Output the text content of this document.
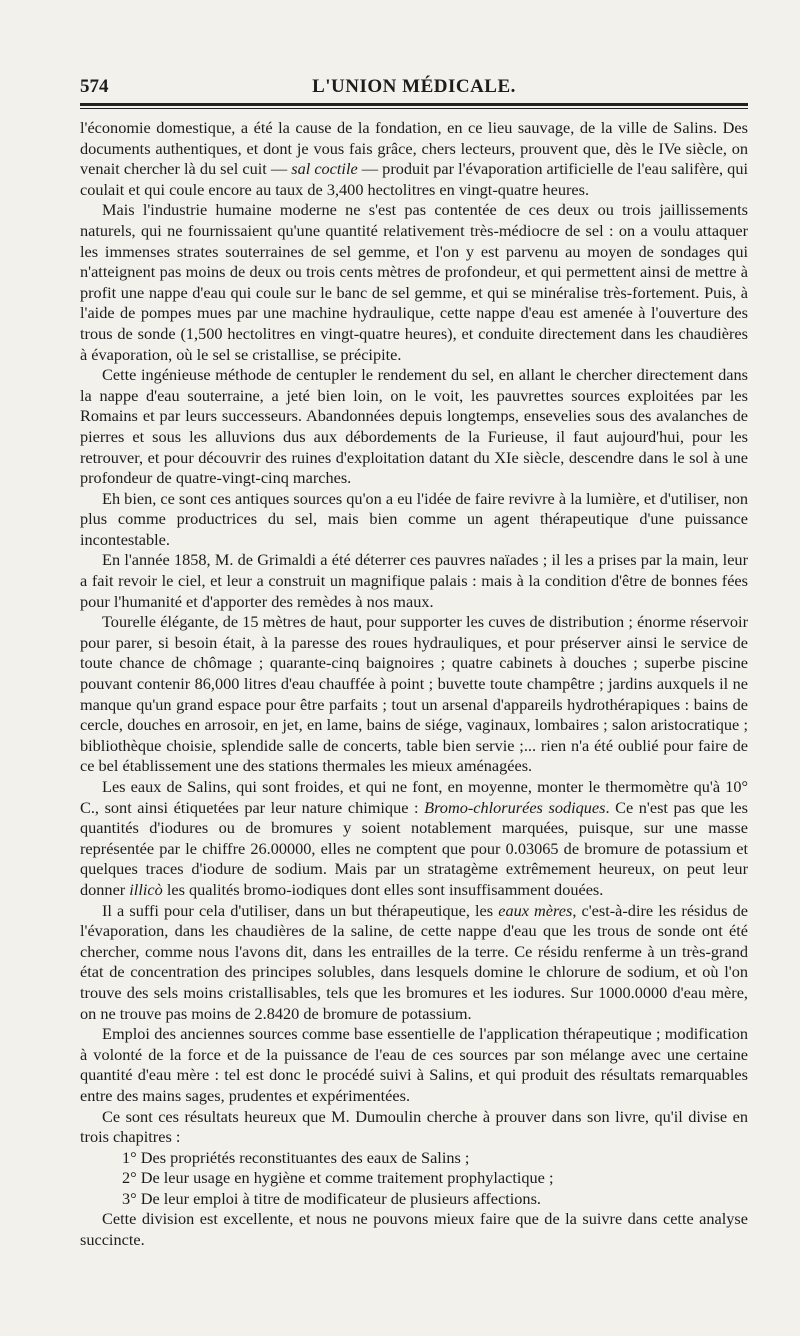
574	L'UNION MÉDICALE.

l'économie domestique, a été la cause de la fondation, en ce lieu sauvage, de la ville de Salins. Des documents authentiques, et dont je vous fais grâce, chers lecteurs, prouvent que, dès le IVe siècle, on venait chercher là du sel cuit — sal coctile — produit par l'évaporation artificielle de l'eau salifère, qui coulait et qui coule encore au taux de 3,400 hectolitres en vingt-quatre heures.

Mais l'industrie humaine moderne ne s'est pas contentée de ces deux ou trois jaillissements naturels, qui ne fournissaient qu'une quantité relativement très-médiocre de sel : on a voulu attaquer les immenses strates souterraines de sel gemme, et l'on y est parvenu au moyen de sondages qui n'atteignent pas moins de deux ou trois cents mètres de profondeur, et qui permettent ainsi de mettre à profit une nappe d'eau qui coule sur le banc de sel gemme, et qui se minéralise très-fortement. Puis, à l'aide de pompes mues par une machine hydraulique, cette nappe d'eau est amenée à l'ouverture des trous de sonde (1,500 hectolitres en vingt-quatre heures), et conduite directement dans les chaudières à évaporation, où le sel se cristallise, se précipite.

Cette ingénieuse méthode de centupler le rendement du sel, en allant le chercher directement dans la nappe d'eau souterraine, a jeté bien loin, on le voit, les pauvrettes sources exploitées par les Romains et par leurs successeurs. Abandonnées depuis longtemps, ensevelies sous des avalanches de pierres et sous les alluvions dus aux débordements de la Furieuse, il faut aujourd'hui, pour les retrouver, et pour découvrir des ruines d'exploitation datant du XIe siècle, descendre dans le sol à une profondeur de quatre-vingt-cinq marches.

Eh bien, ce sont ces antiques sources qu'on a eu l'idée de faire revivre à la lumière, et d'utiliser, non plus comme productrices du sel, mais bien comme un agent thérapeutique d'une puissance incontestable.

En l'année 1858, M. de Grimaldi a été déterrer ces pauvres naïades ; il les a prises par la main, leur a fait revoir le ciel, et leur a construit un magnifique palais : mais à la condition d'être de bonnes fées pour l'humanité et d'apporter des remèdes à nos maux.

Tourelle élégante, de 15 mètres de haut, pour supporter les cuves de distribution ; énorme réservoir pour parer, si besoin était, à la paresse des roues hydrauliques, et pour préserver ainsi le service de toute chance de chômage ; quarante-cinq baignoires ; quatre cabinets à douches ; superbe piscine pouvant contenir 86,000 litres d'eau chauffée à point ; buvette toute champêtre ; jardins auxquels il ne manque qu'un grand espace pour être parfaits ; tout un arsenal d'appareils hydrothérapiques : bains de cercle, douches en arrosoir, en jet, en lame, bains de siége, vaginaux, lombaires ; salon aristocratique ; bibliothèque choisie, splendide salle de concerts, table bien servie ;... rien n'a été oublié pour faire de ce bel établissement une des stations thermales les mieux aménagées.

Les eaux de Salins, qui sont froides, et qui ne font, en moyenne, monter le thermomètre qu'à 10° C., sont ainsi étiquetées par leur nature chimique : Bromo-chlorurées sodiques. Ce n'est pas que les quantités d'iodures ou de bromures y soient notablement marquées, puisque, sur une masse représentée par le chiffre 26.00000, elles ne comptent que pour 0.03065 de bromure de potassium et quelques traces d'iodure de sodium. Mais par un stratagème extrêmement heureux, on peut leur donner illicò les qualités bromo-iodiques dont elles sont insuffisamment douées.

Il a suffi pour cela d'utiliser, dans un but thérapeutique, les eaux mères, c'est-à-dire les résidus de l'évaporation, dans les chaudières de la saline, de cette nappe d'eau que les trous de sonde ont été chercher, comme nous l'avons dit, dans les entrailles de la terre. Ce résidu renferme à un très-grand état de concentration des principes solubles, dans lesquels domine le chlorure de sodium, et où l'on trouve des sels moins cristallisables, tels que les bromures et les iodures. Sur 1000.0000 d'eau mère, on ne trouve pas moins de 2.8420 de bromure de potassium.

Emploi des anciennes sources comme base essentielle de l'application thérapeutique ; modification à volonté de la force et de la puissance de l'eau de ces sources par son mélange avec une certaine quantité d'eau mère : tel est donc le procédé suivi à Salins, et qui produit des résultats remarquables entre des mains sages, prudentes et expérimentées.

Ce sont ces résultats heureux que M. Dumoulin cherche à prouver dans son livre, qu'il divise en trois chapitres :

1° Des propriétés reconstituantes des eaux de Salins ;
2° De leur usage en hygiène et comme traitement prophylactique ;
3° De leur emploi à titre de modificateur de plusieurs affections.

Cette division est excellente, et nous ne pouvons mieux faire que de la suivre dans cette analyse succincte.
